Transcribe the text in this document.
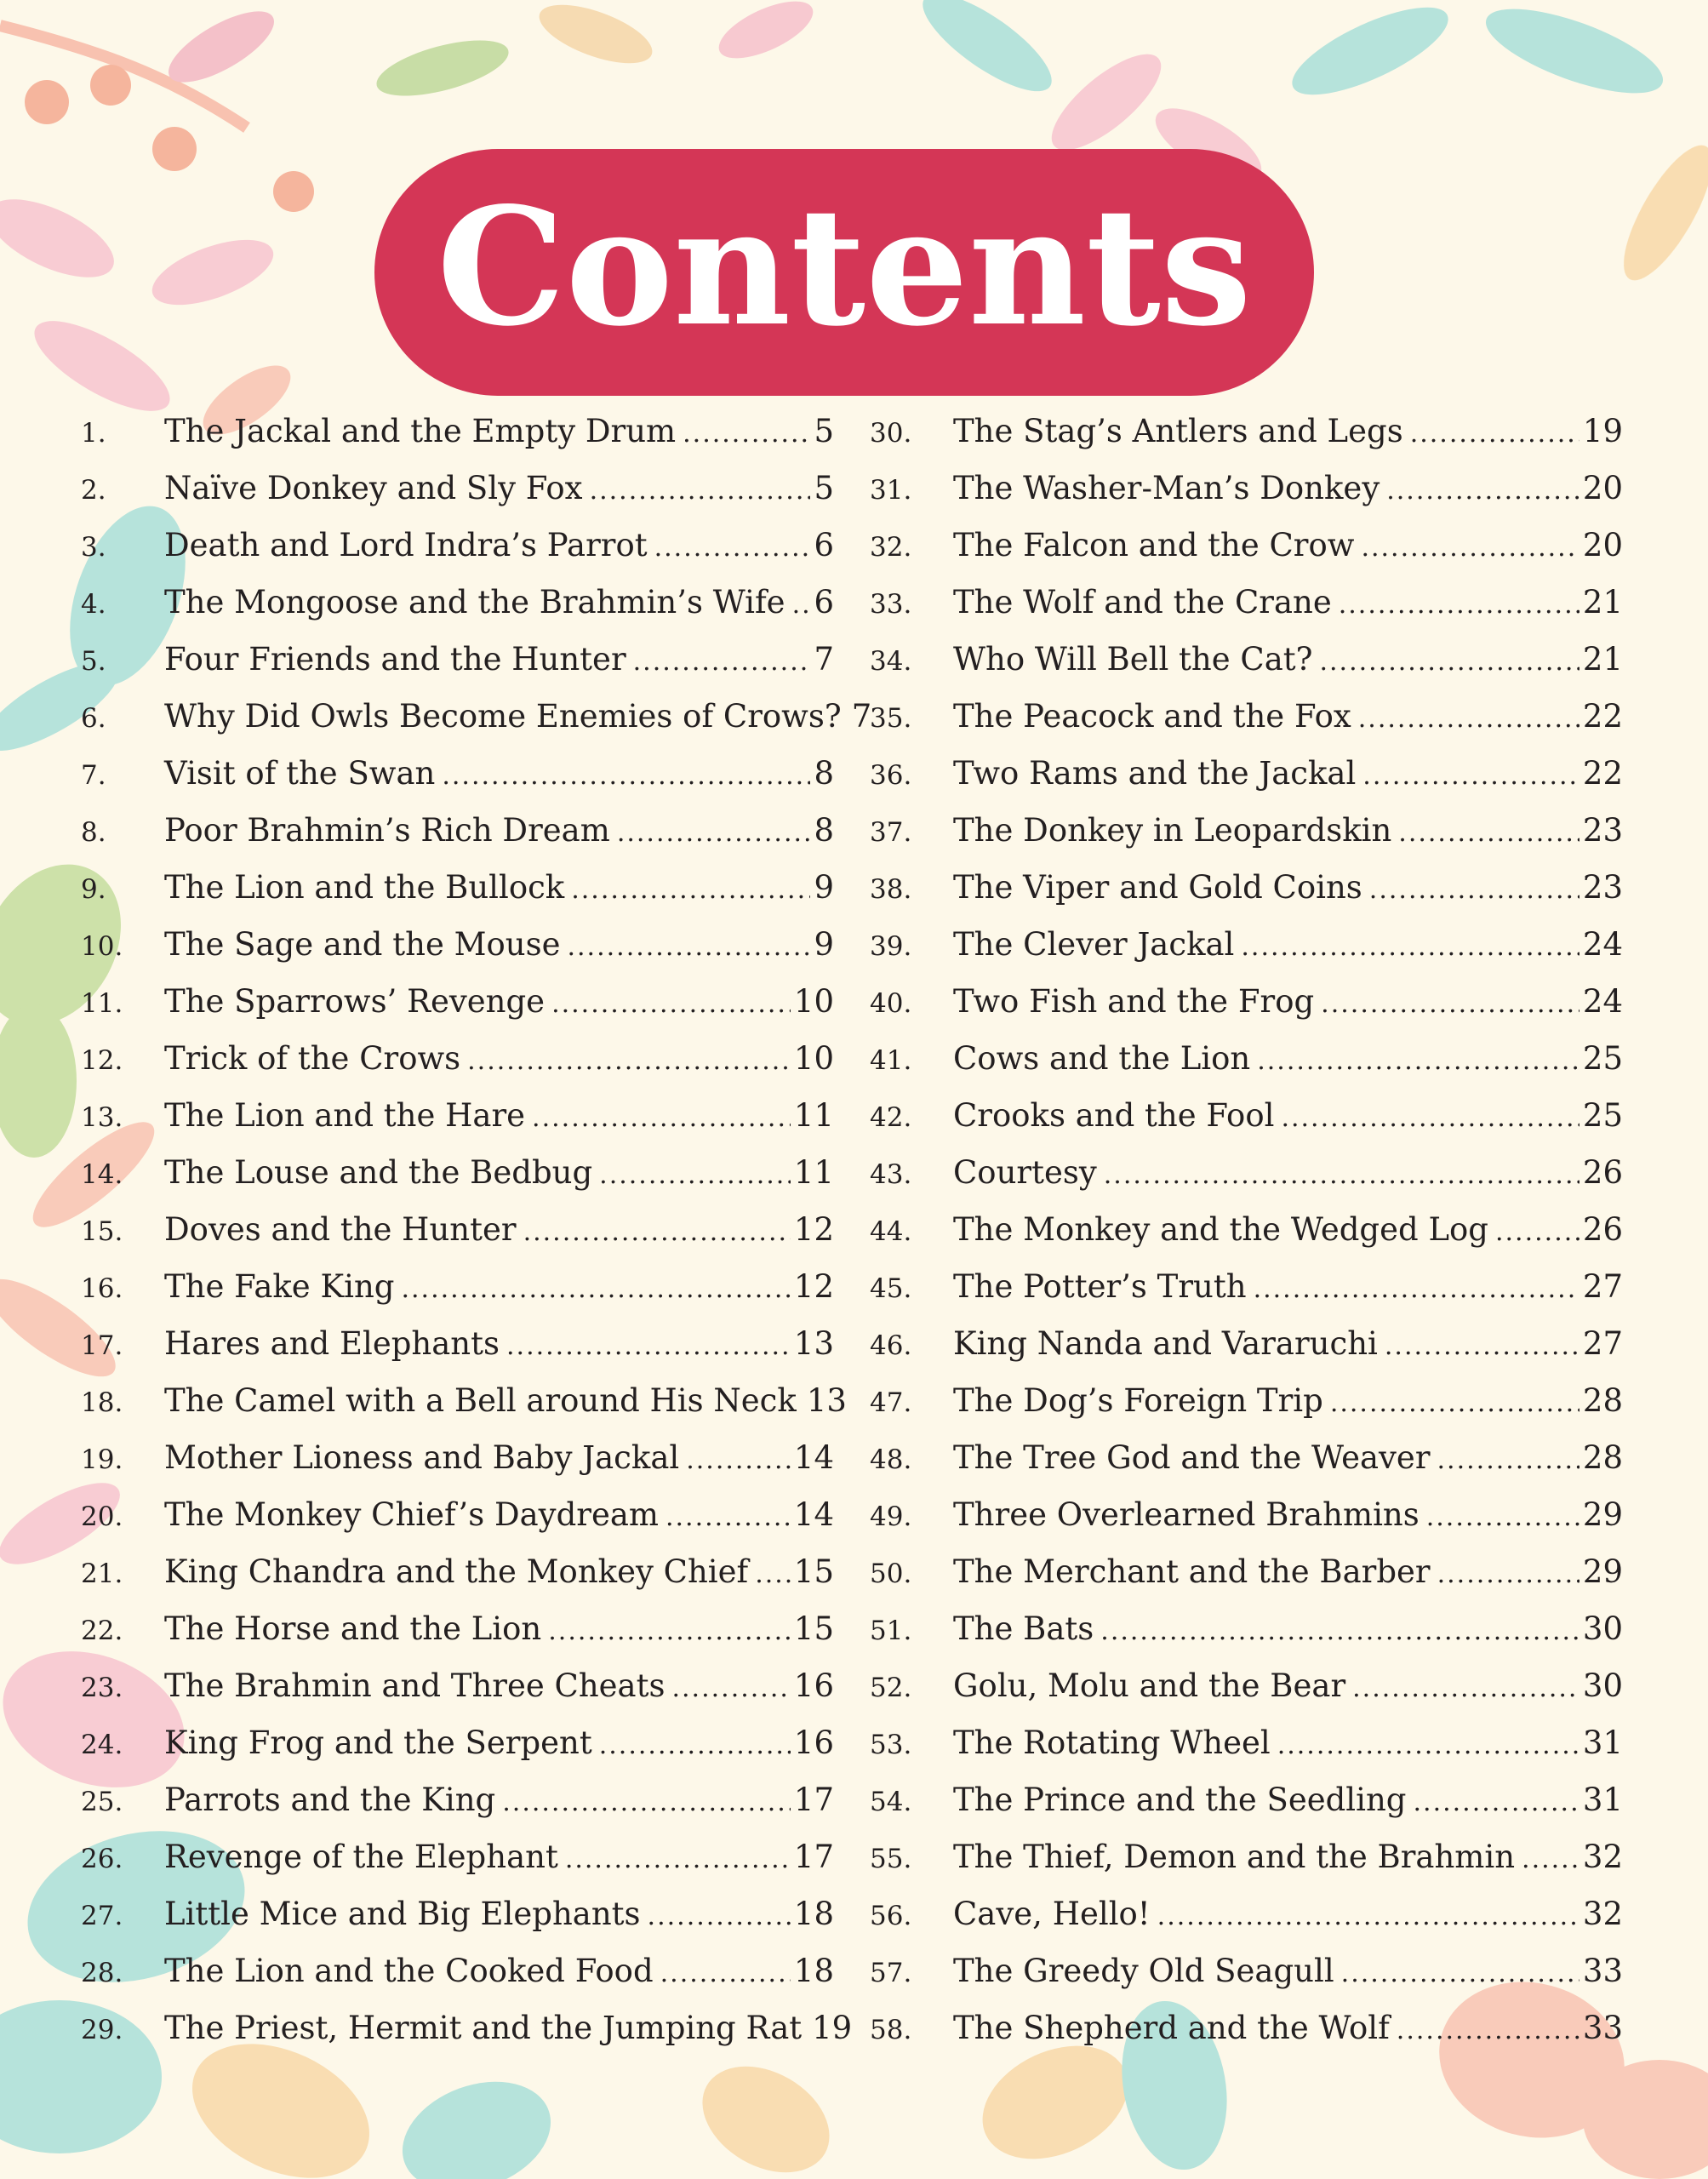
Contents
1.	The Jackal and the Empty Drum .....	5
2.	Naïve Donkey and Sly Fox .....	5
3.	Death and Lord Indra’s Parrot .....	6
4.	The Mongoose and the Brahmin’s Wife ..... 6
5.	Four Friends and the Hunter .....	7
6.	Why Did Owls Become Enemies of Crows? 7
7.	Visit of the Swan .....	8
8.	Poor Brahmin’s Rich Dream .....	8
9.	The Lion and the Bullock .....	9
10.	The Sage and the Mouse .....	9
11.	The Sparrows’ Revenge .....	10
12.	Trick of the Crows .....	10
13.	The Lion and the Hare .....	11
14.	The Louse and the Bedbug .....	11
15.	Doves and the Hunter .....	12
16.	The Fake King .....	12
17.	Hares and Elephants .....	13
18.	The Camel with a Bell around His Neck 13
19.	Mother Lioness and Baby Jackal .....	14
20.	The Monkey Chief’s Daydream .....	14
21.	King Chandra and the Monkey Chief ..... 15
22.	The Horse and the Lion .....	15
23.	The Brahmin and Three Cheats .....	16
24.	King Frog and the Serpent .....	16
25.	Parrots and the King .....	17
26.	Revenge of the Elephant .....	17
27.	Little Mice and Big Elephants .....	18
28.	The Lion and the Cooked Food .....	18
29.	The Priest, Hermit and the Jumping Rat 19
30.	The Stag’s Antlers and Legs .....	19
31.	The Washer-Man’s Donkey .....	20
32.	The Falcon and the Crow .....	20
33.	The Wolf and the Crane .....	21
34.	Who Will Bell the Cat? .....	21
35.	The Peacock and the Fox .....	22
36.	Two Rams and the Jackal .....	22
37.	The Donkey in Leopardskin .....	23
38.	The Viper and Gold Coins .....	23
39.	The Clever Jackal .....	24
40.	Two Fish and the Frog .....	24
41.	Cows and the Lion .....	25
42.	Crooks and the Fool .....	25
43.	Courtesy .....	26
44.	The Monkey and the Wedged Log .....	26
45.	The Potter’s Truth .....	27
46.	King Nanda and Vararuchi .....	27
47.	The Dog’s Foreign Trip .....	28
48.	The Tree God and the Weaver .....	28
49.	Three Overlearned Brahmins .....	29
50.	The Merchant and the Barber .....	29
51.	The Bats .....	30
52.	Golu, Molu and the Bear .....	30
53.	The Rotating Wheel .....	31
54.	The Prince and the Seedling .....	31
55.	The Thief, Demon and the Brahmin ..... 32
56.	Cave, Hello! .....	32
57.	The Greedy Old Seagull .....	33
58.	The Shepherd and the Wolf .....	33
